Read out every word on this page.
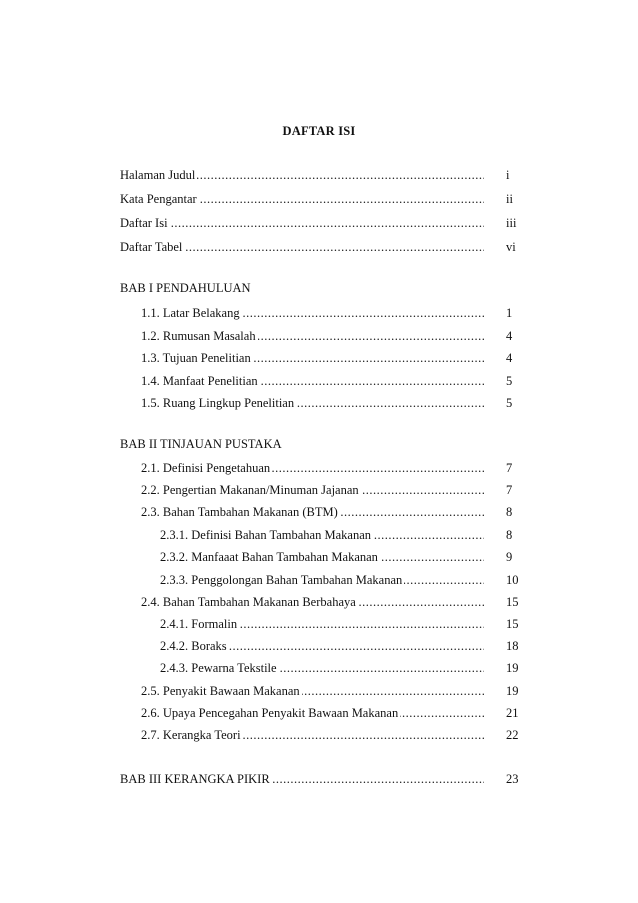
DAFTAR ISI
.....
Halaman Judul	i
.....
Kata Pengantar	ii
.....
Daftar Isi	iii
.....
Daftar Tabel	vi
BAB I PENDAHULUAN
.....
1.1. Latar Belakang	1
.....
1.2. Rumusan Masalah	4
.....
1.3. Tujuan Penelitian	4
.....
1.4. Manfaat Penelitian	5
.....
1.5. Ruang Lingkup Penelitian	5
BAB II TINJAUAN PUSTAKA
.....
2.1. Definisi Pengetahuan	7
.....
2.2. Pengertian Makanan/Minuman Jajanan	7
.....
2.3. Bahan Tambahan Makanan (BTM)	8
.....
2.3.1. Definisi Bahan Tambahan Makanan	8
.....
2.3.2. Manfaaat Bahan Tambahan Makanan	9
.....
2.3.3. Penggolongan Bahan Tambahan Makanan	10
.....
2.4. Bahan Tambahan Makanan Berbahaya	15
.....
2.4.1. Formalin	15
.....
2.4.2. Boraks	18
.....
2.4.3. Pewarna Tekstile	19
.....
2.5. Penyakit Bawaan Makanan	19
.....
2.6. Upaya Pencegahan Penyakit Bawaan Makanan	21
.....
2.7. Kerangka Teori	22
.....
BAB III KERANGKA PIKIR	23
